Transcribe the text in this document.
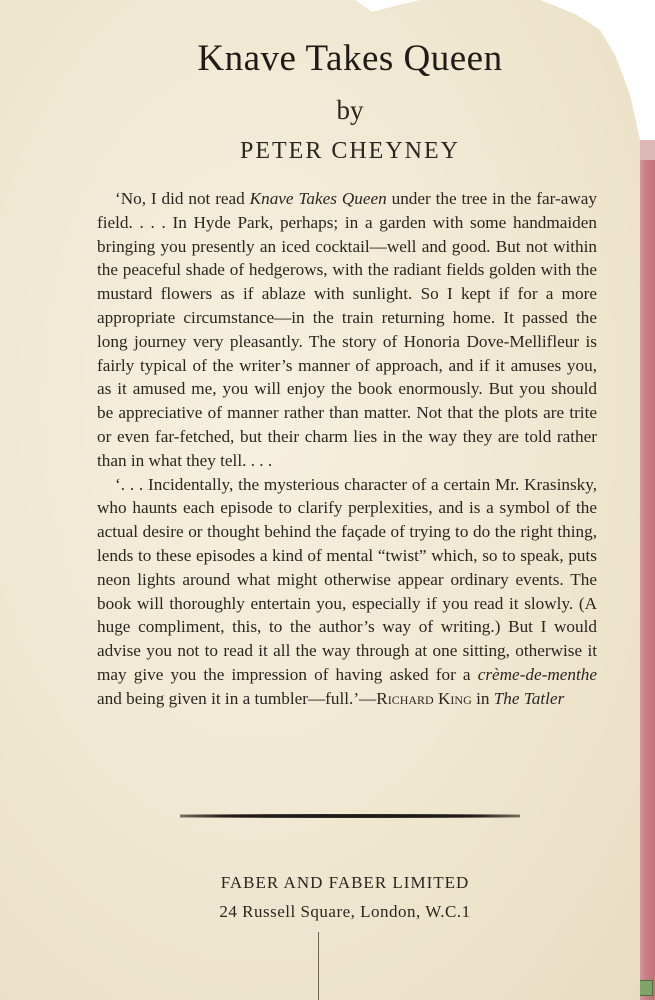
Knave Takes Queen
by
PETER CHEYNEY

‘No, I did not read Knave Takes Queen under the tree in the far-away field. . . . In Hyde Park, perhaps; in a garden with some handmaiden bringing you presently an iced cocktail—well and good. But not within the peaceful shade of hedgerows, with the radiant fields golden with the mustard flowers as if ablaze with sunlight. So I kept if for a more appropriate circumstance—in the train returning home. It passed the long journey very pleasantly. The story of Honoria Dove-Mellifleur is fairly typical of the writer’s manner of approach, and if it amuses you, as it amused me, you will enjoy the book enormously. But you should be appreciative of manner rather than matter. Not that the plots are trite or even far-fetched, but their charm lies in the way they are told rather than in what they tell. . . .

‘. . . Incidentally, the mysterious character of a certain Mr. Krasinsky, who haunts each episode to clarify perplexities, and is a symbol of the actual desire or thought behind the façade of trying to do the right thing, lends to these episodes a kind of mental “twist” which, so to speak, puts neon lights around what might otherwise appear ordinary events. The book will thoroughly entertain you, especially if you read it slowly. (A huge compliment, this, to the author’s way of writing.) But I would advise you not to read it all the way through at one sitting, otherwise it may give you the impression of having asked for a crème-de-menthe and being given it in a tumbler—full.’—Richard King in The Tatler

FABER AND FABER LIMITED
24 Russell Square, London, W.C.1
